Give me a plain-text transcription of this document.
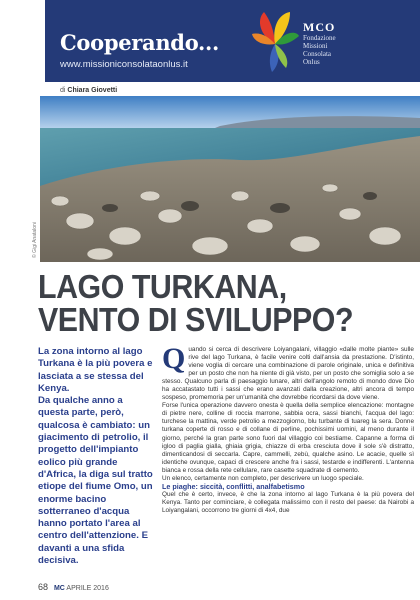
Cooperando...
www.missioniconsolataonlus.it
MCO
Fondazione
Missioni
Consolata
Onlus
di Chiara Giovetti
© Gigi Anataloni
LAGO TURKANA,
VENTO DI SVILUPPO?

La zona intorno al lago Turkana è la più povera e lasciata a se stessa del Kenya.

Da qualche anno a questa parte, però, qualcosa è cambiato: un giacimento di petrolio, il progetto dell'impianto eolico più grande d'Africa, la diga sul tratto etiope del fiume Omo, un enorme bacino sotterraneo d'acqua hanno portato l'area al centro dell'attenzione. E davanti a una sfida decisiva.

Q uando si cerca di descrivere Loiyangalani, villaggio «dalle molte piante» sulle rive del lago Turkana, è facile venire colti dall'ansia da prestazione. D'istinto, viene voglia di cercare una combinazione di parole originale, unica e definitiva per un posto che non ha niente di già visto, per un posto che somiglia solo a se stesso. Qualcuno parla di paesaggio lunare, altri dell'angolo remoto di mondo dove Dio ha accatastato tutti i sassi che erano avanzati dalla creazione, altri ancora di tempo sospeso, promemoria per un'umanità che dovrebbe ricordarsi da dove viene.

Forse l'unica operazione davvero onesta è quella della semplice elencazione: montagne di pietre nere, colline di roccia marrone, sabbia ocra, sassi bianchi, l'acqua del lago: turchese la mattina, verde petrolio a mezzogiorno, blu turbante di tuareg la sera. Donne turkana coperte di rosso e di collane di perline, pochissimi uomini, al meno durante il giorno, perché la gran parte sono fuori dal villaggio coi bestiame. Capanne a forma di igloo di paglia gialla, ghiaia grigia, chiazze di erba cresciuta dove il sole s'è distratto, dimenticandosi di seccarla. Capre, cammelli, zebù, qualche asino. Le acacie, quelle sì identiche ovunque, capaci di crescere anche fra i sassi, testarde e indifferenti. L'antenna bianca e rossa della rete cellulare, rare casette squadrate di cemento.

Un elenco, certamente non completo, per descrivere un luogo speciale.

Le piaghe: siccità, conflitti, analfabetismo

Quel che è certo, invece, è che la zona intorno al lago Turkana è la più povera del Kenya. Tanto per cominciare, è collegata malissimo con il resto del paese: da Nairobi a Loiyangalani, occorrono tre giorni di 4x4, due

68 MC APRILE 2016
